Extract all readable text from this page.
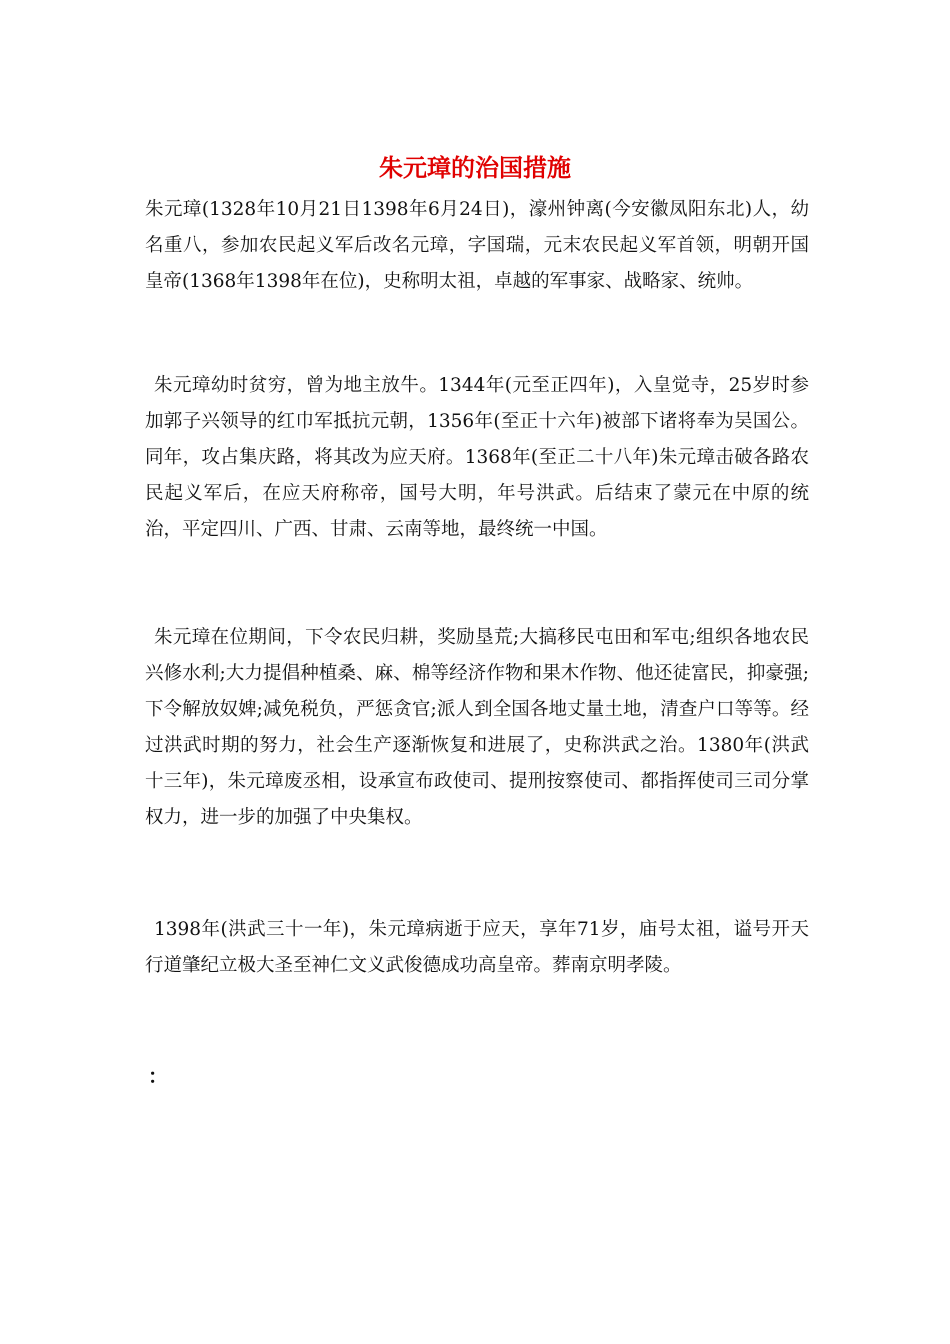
朱元璋的治国措施

朱元璋(1328年10月21日1398年6月24日)，濠州钟离(今安徽凤阳东北)人，幼名重八，参加农民起义军后改名元璋，字国瑞，元末农民起义军首领，明朝开国皇帝(1368年1398年在位)，史称明太祖，卓越的军事家、战略家、统帅。

朱元璋幼时贫穷，曾为地主放牛。1344年(元至正四年)，入皇觉寺，25岁时参加郭子兴领导的红巾军抵抗元朝，1356年(至正十六年)被部下诸将奉为吴国公。同年，攻占集庆路，将其改为应天府。1368年(至正二十八年)朱元璋击破各路农民起义军后，在应天府称帝，国号大明，年号洪武。后结束了蒙元在中原的统治，平定四川、广西、甘肃、云南等地，最终统一中国。

朱元璋在位期间，下令农民归耕，奖励垦荒;大搞移民屯田和军屯;组织各地农民兴修水利;大力提倡种植桑、麻、棉等经济作物和果木作物、他还徒富民，抑豪强;下令解放奴婢;减免税负，严惩贪官;派人到全国各地丈量土地，清查户口等等。经过洪武时期的努力，社会生产逐渐恢复和进展了，史称洪武之治。1380年(洪武十三年)，朱元璋废丞相，设承宣布政使司、提刑按察使司、都指挥使司三司分掌权力，进一步的加强了中央集权。

1398年(洪武三十一年)，朱元璋病逝于应天，享年71岁，庙号太祖，谥号开天行道肇纪立极大圣至神仁文义武俊德成功高皇帝。葬南京明孝陵。

：
